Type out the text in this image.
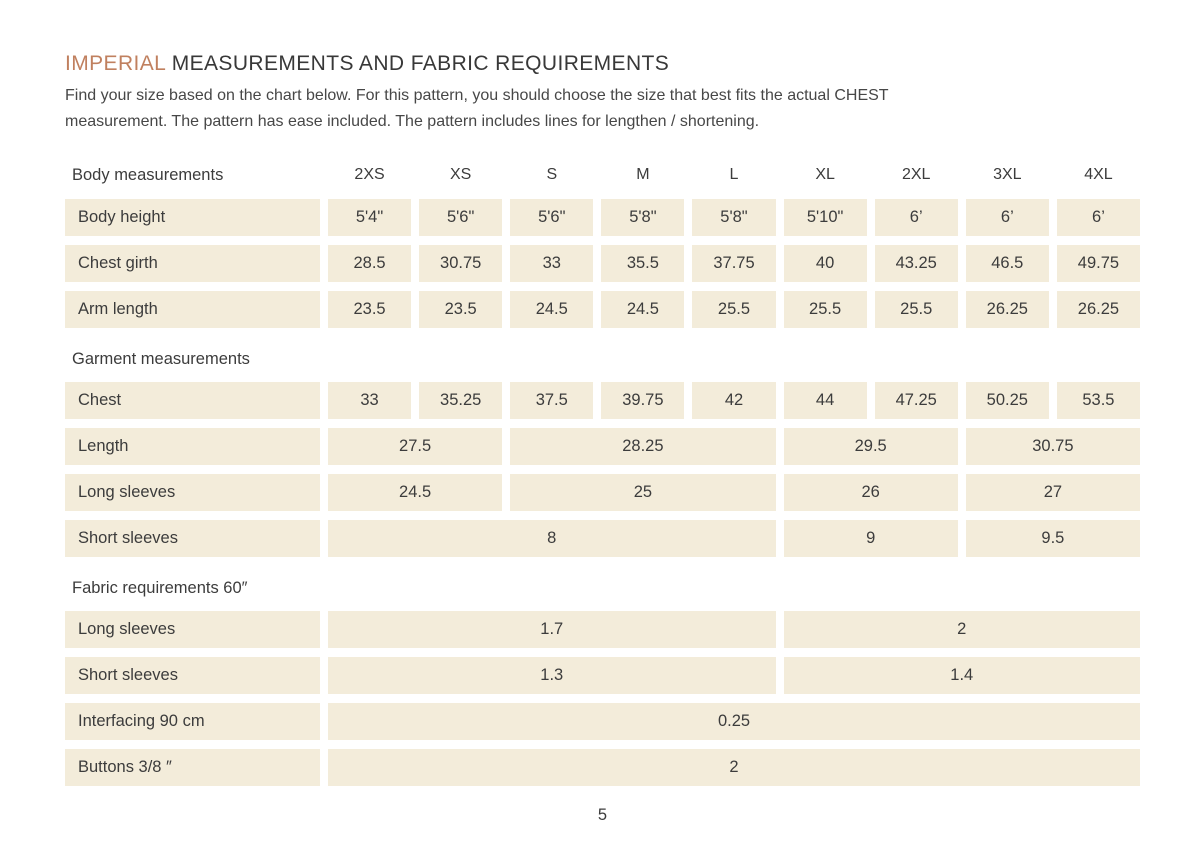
IMPERIAL MEASUREMENTS AND FABRIC REQUIREMENTS

Find your size based on the chart below. For this pattern, you should choose the size that best fits the actual CHEST
measurement. The pattern has ease included. The pattern includes lines for lengthen / shortening.

Body measurements	2XS	XS	S	M	L	XL	2XL	3XL	4XL
Body height	5'4"	5'6"	5'6"	5'8"	5'8"	5'10"	6’	6’	6’
Chest girth	28.5	30.75	33	35.5	37.75	40	43.25	46.5	49.75
Arm length	23.5	23.5	24.5	24.5	25.5	25.5	25.5	26.25	26.25
Garment measurements
Chest	33	35.25	37.5	39.75	42	44	47.25	50.25	53.5
Length	27.5	28.25	29.5	30.75
Long sleeves	24.5	25	26	27
Short sleeves	8	9	9.5
Fabric requirements 60″
Long sleeves	1.7	2
Short sleeves	1.3	1.4
Interfacing 90 cm	0.25
Buttons 3/8 ″	2
5
